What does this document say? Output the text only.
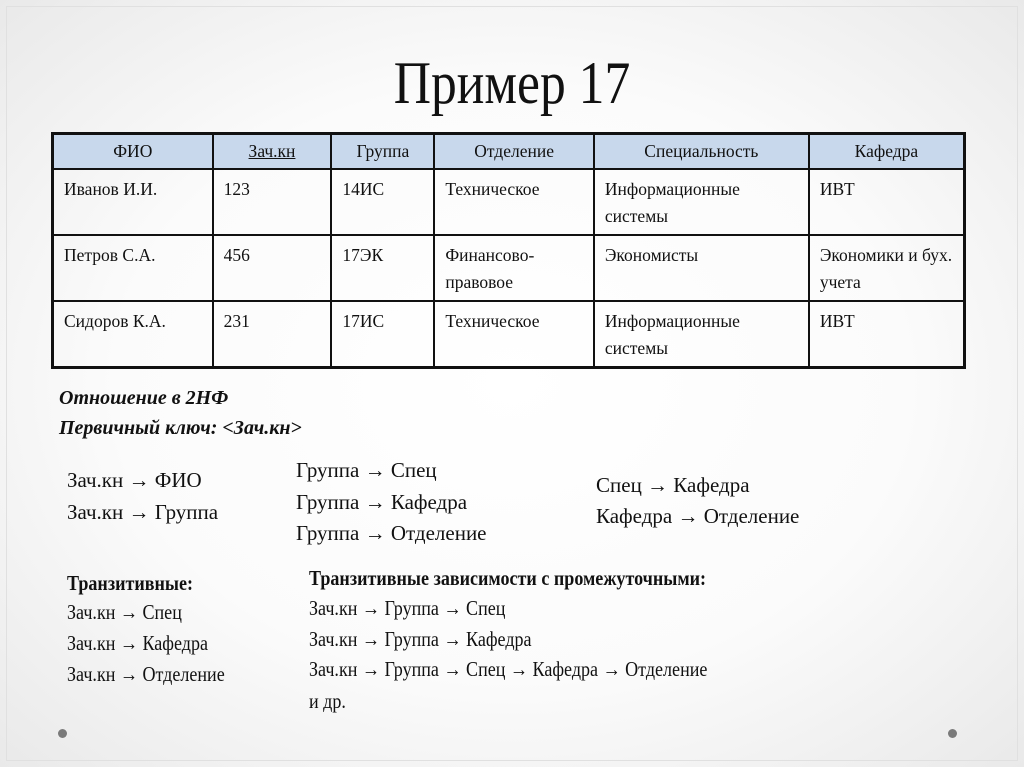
Пример 17
ФИО	Зач.кн	Группа	Отделение	Специальность	Кафедра
Иванов И.И.	123	14ИС	Техническое	Информационные системы	ИВТ
Петров С.А.	456	17ЭК	Финансово-правовое	Экономисты	Экономики и бух. учета
Сидоров К.А.	231	17ИС	Техническое	Информационные системы	ИВТ
Отношение в 2НФ
Первичный ключ: <Зач.кн>
Зач.кн → ФИО
Зач.кн → Группа
Группа → Спец
Группа → Кафедра
Группа → Отделение
Спец → Кафедра
Кафедра → Отделение
Транзитивные:
Зач.кн → Спец
Зач.кн → Кафедра
Зач.кн → Отделение
Транзитивные зависимости с промежуточными:
Зач.кн → Группа → Спец
Зач.кн → Группа → Кафедра
Зач.кн → Группа → Спец → Кафедра → Отделение
и др.
